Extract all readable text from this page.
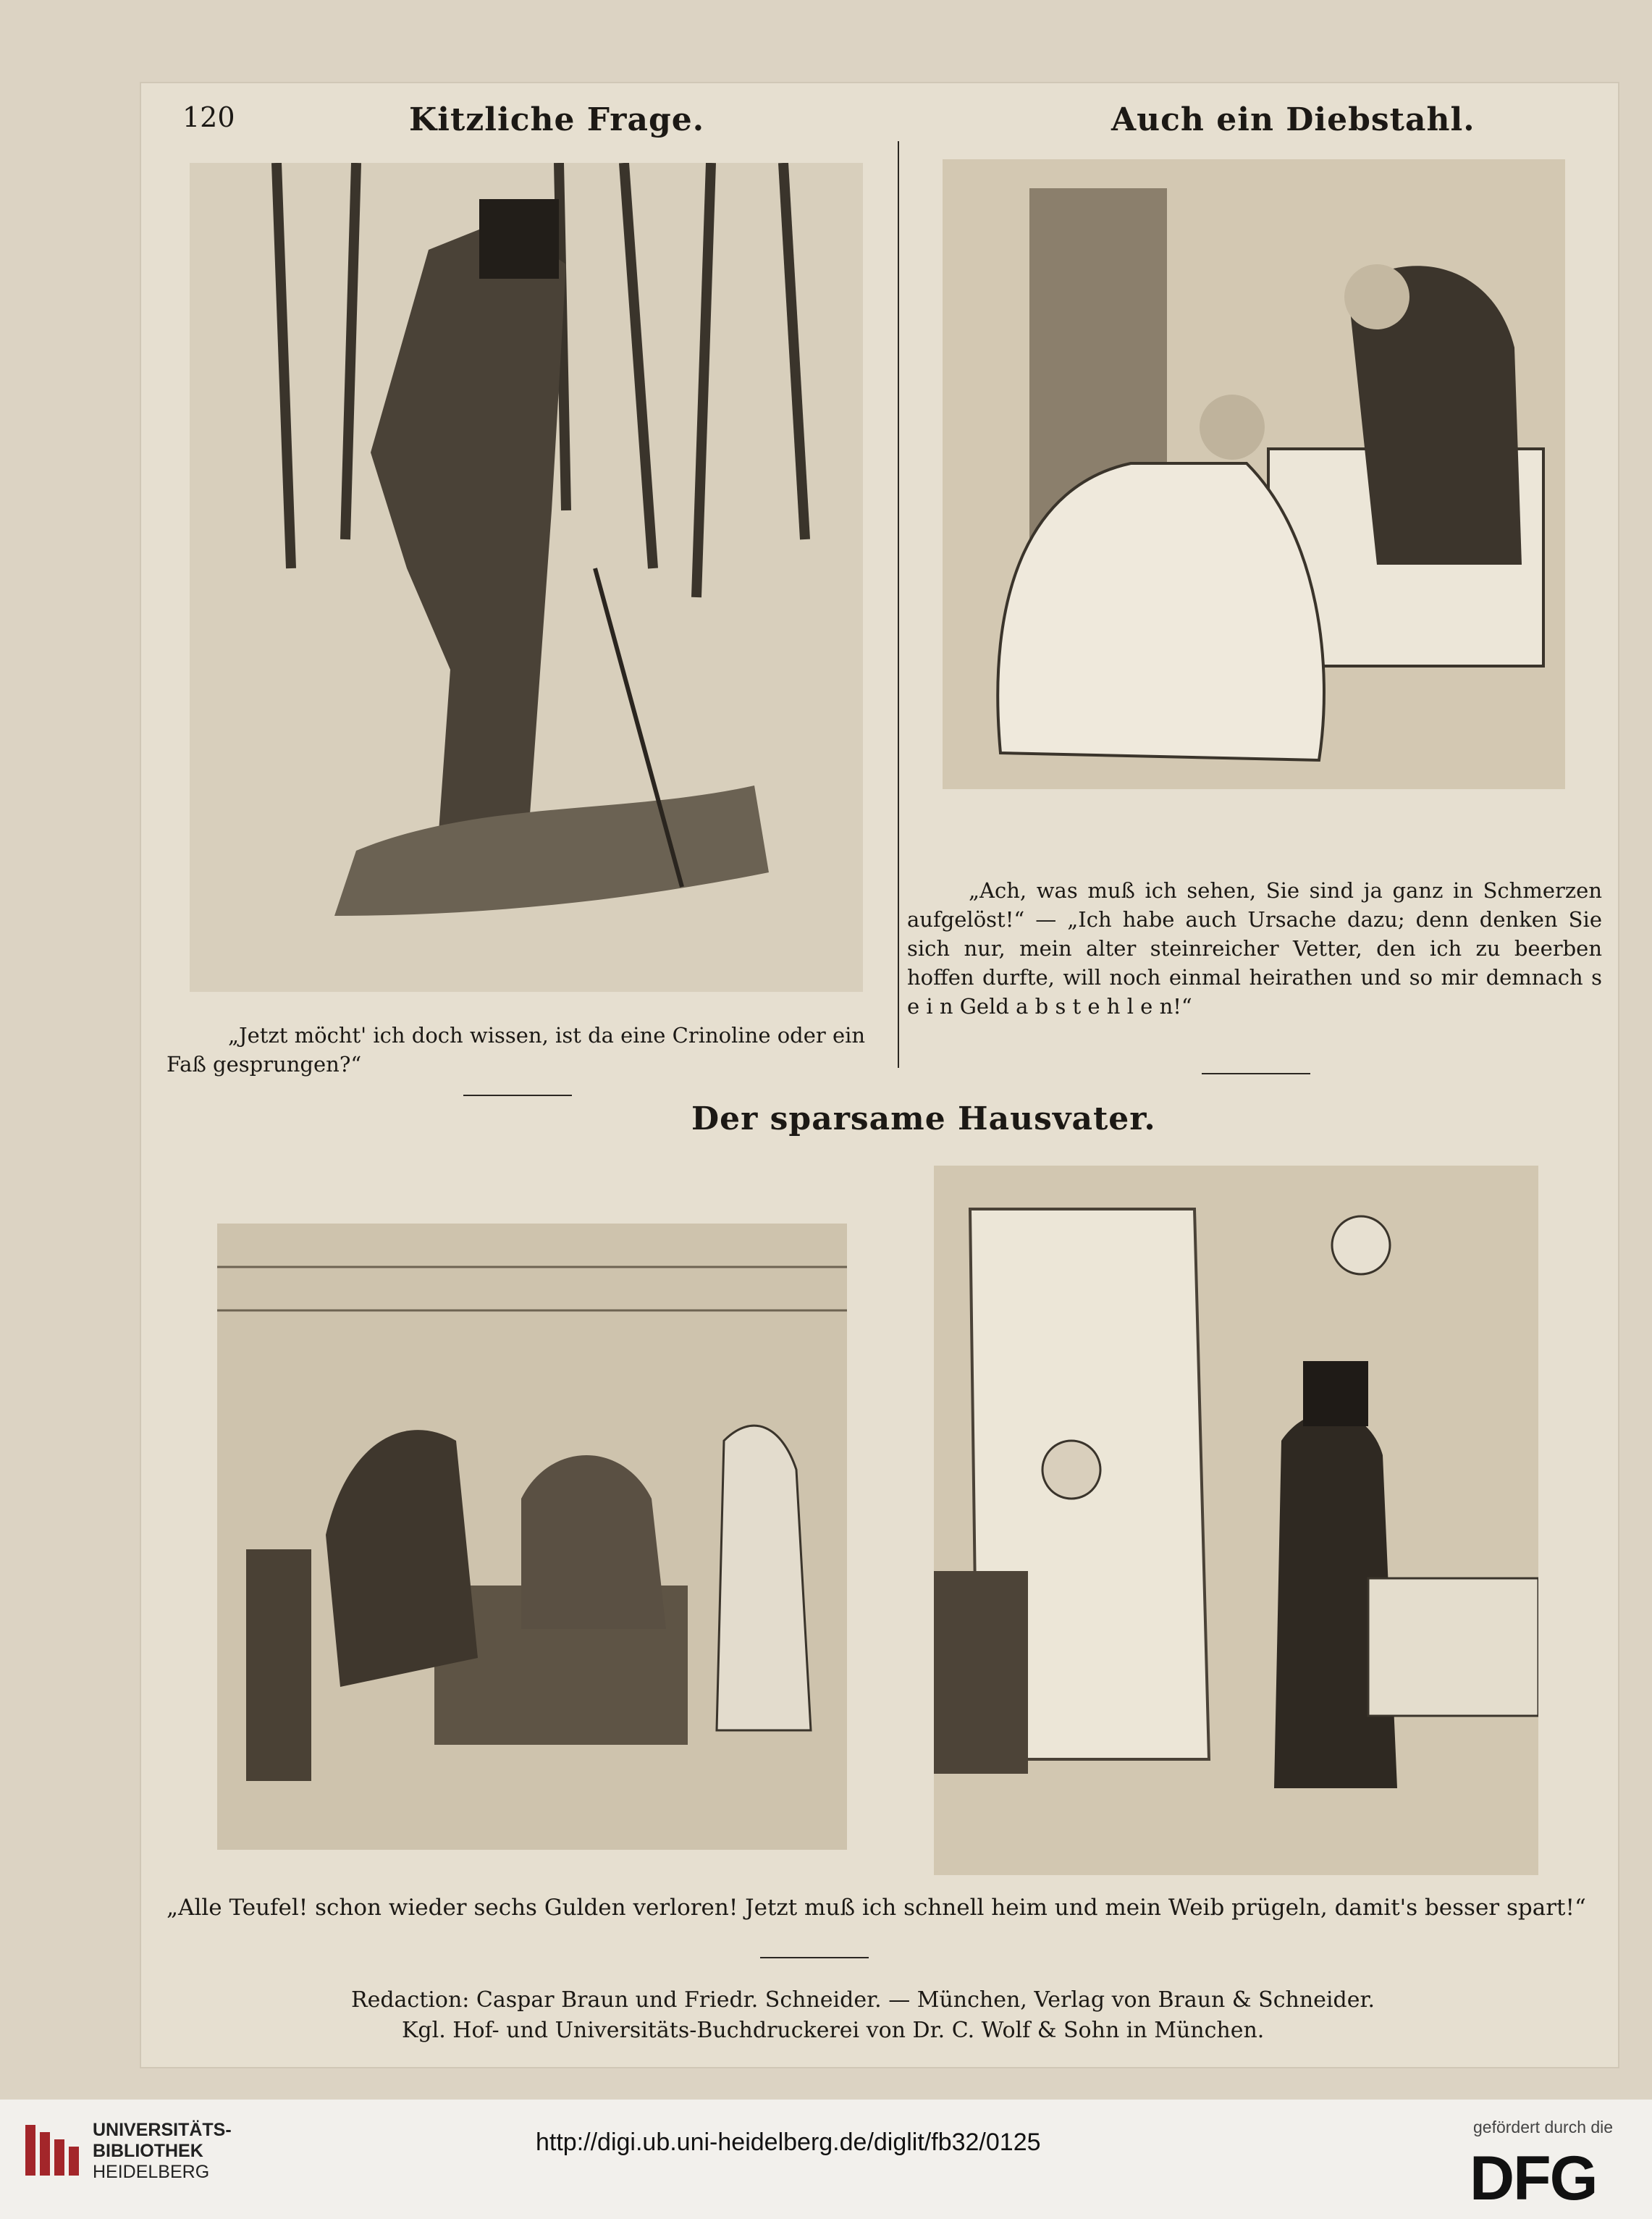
120	Kitzliche Frage.	Auch ein Diebstahl.
„Jetzt möcht' ich doch wissen, ist da eine Crinoline oder ein Faß gesprungen?“
„Ach, was muß ich sehen, Sie sind ja ganz in Schmerzen aufgelöst!“ — „Ich habe auch Ursache dazu; denn denken Sie sich nur, mein alter steinreicher Vetter, den ich zu beerben hoffen durfte, will noch einmal heirathen und so mir demnach s e i n Geld a b s t e h l e n!“
Der sparsame Hausvater.
„Alle Teufel! schon wieder sechs Gulden verloren! Jetzt muß ich schnell heim und mein Weib prügeln, damit's besser spart!“
Redaction: Caspar Braun und Friedr. Schneider. — München, Verlag von Braun & Schneider.
Kgl. Hof- und Universitäts-Buchdruckerei von Dr. C. Wolf & Sohn in München.
UNIVERSITÄTS-
BIBLIOTHEK
HEIDELBERG
http://digi.ub.uni-heidelberg.de/diglit/fb32/0125
gefördert durch die
DFG
